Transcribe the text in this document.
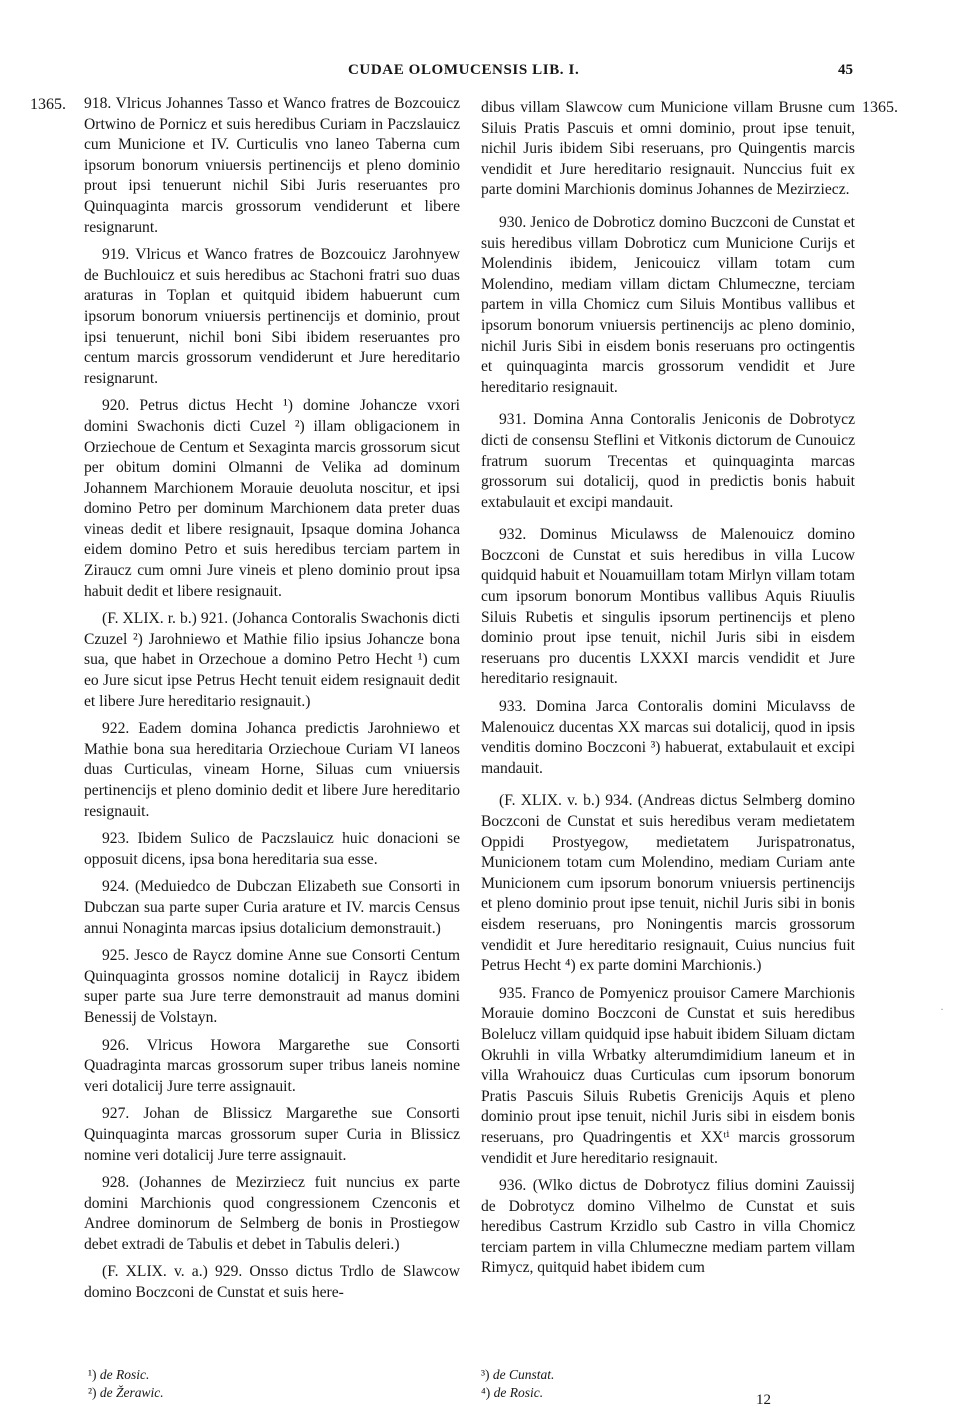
CUDAE OLOMUCENSIS LIB. I.	45
1365.	1365.

918. Vlricus Johannes Tasso et Wanco fratres de Bozcouicz Ortwino de Pornicz et suis heredibus Curiam in Paczslauicz cum Municione et IV. Curticulis vno laneo Taberna cum ipsorum bonorum vniuersis pertinencijs et pleno dominio prout ipsi tenuerunt nichil Sibi Juris reseruantes pro Quinquaginta marcis grossorum vendiderunt et libere resignarunt.

919. Vlricus et Wanco fratres de Bozcouicz Jarohnyew de Buchlouicz et suis heredibus ac Stachoni fratri suo duas araturas in Toplan et quitquid ibidem habuerunt cum ipsorum bonorum vniuersis pertinencijs et dominio, prout ipsi tenuerunt, nichil boni Sibi ibidem reseruantes pro centum marcis grossorum vendiderunt et Jure hereditario resignarunt.

920. Petrus dictus Hecht ¹) domine Johancze vxori domini Swachonis dicti Cuzel ²) illam obligacionem in Orziechoue de Centum et Sexaginta marcis grossorum sicut per obitum domini Olmanni de Velika ad dominum Johannem Marchionem Morauie deuoluta noscitur, et ipsi domino Petro per dominum Marchionem data preter duas vineas dedit et libere resignauit, Ipsaque domina Johanca eidem domino Petro et suis heredibus terciam partem in Ziraucz cum omni Jure vineis et pleno dominio prout ipsa habuit dedit et libere resignauit.

(F. XLIX. r. b.) 921. (Johanca Contoralis Swachonis dicti Czuzel ²) Jarohniewo et Mathie filio ipsius Johancze bona sua, que habet in Orzechoue a domino Petro Hecht ¹) cum eo Jure sicut ipse Petrus Hecht tenuit eidem resignauit dedit et libere Jure hereditario resignauit.)

922. Eadem domina Johanca predictis Jarohniewo et Mathie bona sua hereditaria Orziechoue Curiam VI laneos duas Curticulas, vineam Horne, Siluas cum vniuersis pertinencijs et pleno dominio dedit et libere Jure hereditario resignauit.

923. Ibidem Sulico de Paczslauicz huic donacioni se opposuit dicens, ipsa bona hereditaria sua esse.

924. (Meduiedco de Dubczan Elizabeth sue Consorti in Dubczan sua parte super Curia arature et IV. marcis Census annui Nonaginta marcas ipsius dotalicium demonstrauit.)

925. Jesco de Raycz domine Anne sue Consorti Centum Quinquaginta grossos nomine dotalicij in Raycz ibidem super parte sua Jure terre demonstrauit ad manus domini Benessij de Volstayn.

926. Vlricus Howora Margarethe sue Consorti Quadraginta marcas grossorum super tribus laneis nomine veri dotalicij Jure terre assignauit.

927. Johan de Blissicz Margarethe sue Consorti Quinquaginta marcas grossorum super Curia in Blissicz nomine veri dotalicij Jure terre assignauit.

928. (Johannes de Mezirziecz fuit nuncius ex parte domini Marchionis quod congressionem Czenconis et Andree dominorum de Selmberg de bonis in Prostiegow debet extradi de Tabulis et debet in Tabulis deleri.)

(F. XLIX. v. a.) 929. Onsso dictus Trdlo de Slawcow domino Boczconi de Cunstat et suis here-

dibus villam Slawcow cum Municione villam Brusne cum Siluis Pratis Pascuis et omni dominio, prout ipse tenuit, nichil Juris ibidem Sibi reseruans, pro Quingentis marcis vendidit et Jure hereditario resignauit. Nunccius fuit ex parte domini Marchionis dominus Johannes de Mezirziecz.

930. Jenico de Dobroticz domino Buczconi de Cunstat et suis heredibus villam Dobroticz cum Municione Curijs et Molendinis ibidem, Jenicouicz villam totam cum Molendino, mediam villam dictam Chlumeczne, terciam partem in villa Chomicz cum Siluis Montibus vallibus et ipsorum bonorum vniuersis pertinencijs ac pleno dominio, nichil Juris Sibi in eisdem bonis reseruans pro octingentis et quinquaginta marcis grossorum vendidit et Jure hereditario resignauit.

931. Domina Anna Contoralis Jeniconis de Dobrotycz dicti de consensu Steflini et Vitkonis dictorum de Cunouicz fratrum suorum Trecentas et quinquaginta marcas grossorum sui dotalicij, quod in predictis bonis habuit extabulauit et excipi mandauit.

932. Dominus Miculawss de Malenouicz domino Boczconi de Cunstat et suis heredibus in villa Lucow quidquid habuit et Nouamuillam totam Mirlyn villam totam cum ipsorum bonorum Montibus vallibus Aquis Riuulis Siluis Rubetis et singulis ipsorum pertinencijs et pleno dominio prout ipse tenuit, nichil Juris sibi in eisdem reseruans pro ducentis LXXXI marcis vendidit et Jure hereditario resignauit.

933. Domina Jarca Contoralis domini Miculavss de Malenouicz ducentas XX marcas sui dotalicij, quod in ipsis venditis domino Boczconi ³) habuerat, extabulauit et excipi mandauit.

(F. XLIX. v. b.) 934. (Andreas dictus Selmberg domino Boczconi de Cunstat et suis heredibus veram medietatem Oppidi Prostyegow, medietatem Jurispatronatus, Municionem totam cum Molendino, mediam Curiam ante Municionem cum ipsorum bonorum vniuersis pertinencijs et pleno dominio prout ipse tenuit, nichil Juris sibi in bonis eisdem reseruans, pro Noningentis marcis grossorum vendidit et Jure hereditario resignauit, Cuius nuncius fuit Petrus Hecht ⁴) ex parte domini Marchionis.)

935. Franco de Pomyenicz prouisor Camere Marchionis Morauie domino Boczconi de Cunstat et suis heredibus Bolelucz villam quidquid ipse habuit ibidem Siluam dictam Okruhli in villa Wrbatky alterumdimidium laneum et in villa Wrahouicz duas Curticulas cum ipsorum bonorum Pratis Pascuis Siluis Rubetis Grenicijs Aquis et pleno dominio prout ipse tenuit, nichil Juris sibi in eisdem bonis reseruans, pro Quadringentis et XXᵗⁱ marcis grossorum vendidit et Jure hereditario resignauit.

936. (Wlko dictus de Dobrotycz filius domini Zauissij de Dobrotycz domino Vilhelmo de Cunstat et suis heredibus Castrum Krzidlo sub Castro in villa Chomicz terciam partem in villa Chlumeczne mediam partem villam Rimycz, quitquid habet ibidem cum

¹) de Rosic.
²) de Žerawic.
³) de Cunstat.
⁴) de Rosic.	12
·
